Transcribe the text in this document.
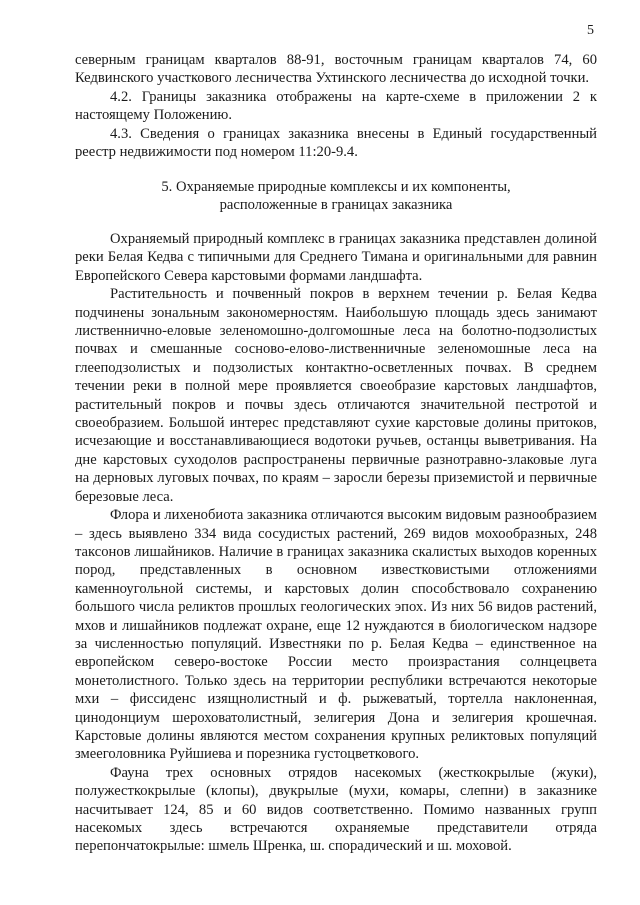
5

северным границам кварталов 88-91, восточным границам кварталов 74, 60 Кедвинского участкового лесничества Ухтинского лесничества до исходной точки.

4.2. Границы заказника отображены на карте-схеме в приложении 2 к настоящему Положению.

4.3. Сведения о границах заказника внесены в Единый государственный реестр недвижимости под номером 11:20-9.4.

5. Охраняемые природные комплексы и их компоненты,

расположенные в границах заказника

Охраняемый природный комплекс в границах заказника представлен долиной реки Белая Кедва с типичными для Среднего Тимана и оригинальными для равнин Европейского Севера карстовыми формами ландшафта.

Растительность и почвенный покров в верхнем течении р. Белая Кедва подчинены зональным закономерностям. Наибольшую площадь здесь занимают лиственнично-еловые зеленомошно-долгомошные леса на болотно-подзолистых почвах и смешанные сосново-елово-лиственничные зеленомошные леса на глееподзолистых и подзолистых контактно-осветленных почвах. В среднем течении реки в полной мере проявляется своеобразие карстовых ландшафтов, растительный покров и почвы здесь отличаются значительной пестротой и своеобразием. Большой интерес представляют сухие карстовые долины притоков, исчезающие и восстанавливающиеся водотоки ручьев, останцы выветривания. На дне карстовых суходолов распространены первичные разнотравно-злаковые луга на дерновых луговых почвах, по краям – заросли березы приземистой и первичные березовые леса.

Флора и лихенобиота заказника отличаются высоким видовым разнообразием – здесь выявлено 334 вида сосудистых растений, 269 видов мохообразных, 248 таксонов лишайников. Наличие в границах заказника скалистых выходов коренных пород, представленных в основном известковистыми отложениями каменноугольной системы, и карстовых долин способствовало сохранению большого числа реликтов прошлых геологических эпох. Из них 56 видов растений, мхов и лишайников подлежат охране, еще 12 нуждаются в биологическом надзоре за численностью популяций. Известняки по р. Белая Кедва – единственное на европейском северо-востоке России место произрастания солнцецвета монетолистного. Только здесь на территории республики встречаются некоторые мхи – фиссиденс изящнолистный и ф. рыжеватый, тортелла наклоненная, цинодонциум шероховатолистный, зелигерия Дона и зелигерия крошечная. Карстовые долины являются местом сохранения крупных реликтовых популяций змееголовника Руйшиева и порезника густоцветкового.

Фауна трех основных отрядов насекомых (жесткокрылые (жуки), полужесткокрылые (клопы), двукрылые (мухи, комары, слепни) в заказнике насчитывает 124, 85 и 60 видов соответственно. Помимо названных групп насекомых здесь встречаются охраняемые представители отряда перепончатокрылые: шмель Шренка, ш. спорадический и ш. моховой.
